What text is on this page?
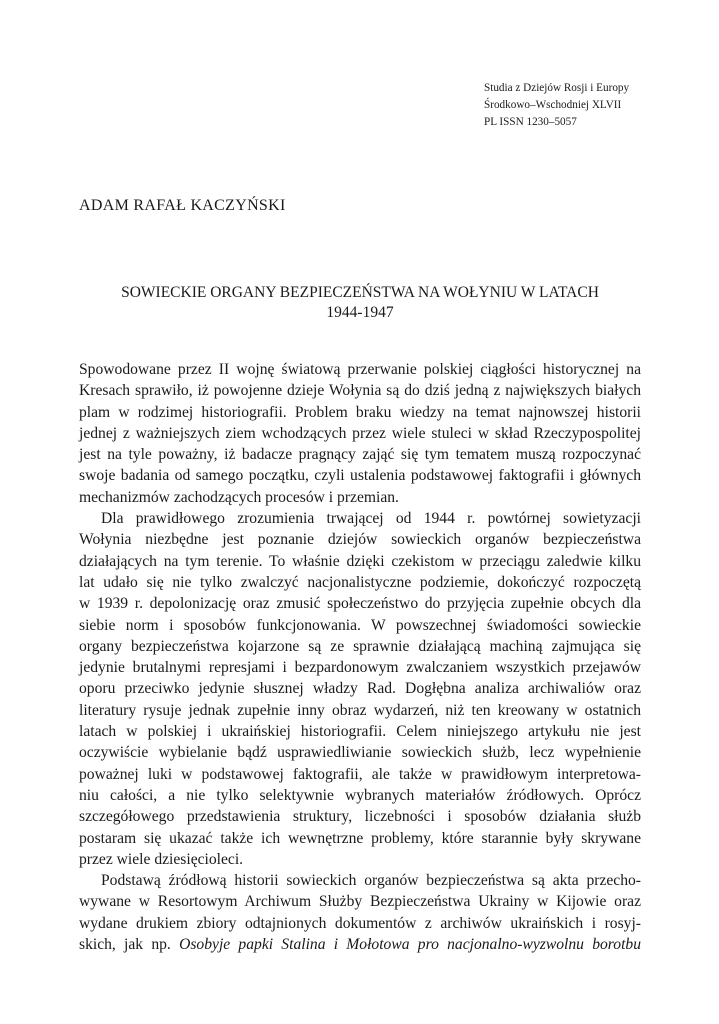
Studia z Dziejów Rosji i Europy
Środkowo–Wschodniej XLVII
PL ISSN 1230–5057
ADAM RAFAŁ KACZYŃSKI
SOWIECKIE ORGANY BEZPIECZEŃSTWA NA WOŁYNIU W LATACH
1944‑1947

Spowodowane przez II wojnę światową przerwanie polskiej ciągłości historycznej na
Kresach sprawiło, iż powojenne dzieje Wołynia są do dziś jedną z największych białych
plam w rodzimej historiografii. Problem braku wiedzy na temat najnowszej historii
jednej z ważniejszych ziem wchodzących przez wiele stuleci w skład Rzeczypospolitej
jest na tyle poważny, iż badacze pragnący zająć się tym tematem muszą rozpoczynać
swoje badania od samego początku, czyli ustalenia podstawowej faktografii i głównych
mechanizmów zachodzących procesów i przemian.

Dla prawidłowego zrozumienia trwającej od 1944 r. powtórnej sowietyzacji
Wołynia niezbędne jest poznanie dziejów sowieckich organów bezpieczeństwa
działających na tym terenie. To właśnie dzięki czekistom w przeciągu zaledwie kilku
lat udało się nie tylko zwalczyć nacjonalistyczne podziemie, dokończyć rozpoczętą
w 1939 r. depolonizację oraz zmusić społeczeństwo do przyjęcia zupełnie obcych dla
siebie norm i sposobów funkcjonowania. W powszechnej świadomości sowieckie
organy bezpieczeństwa kojarzone są ze sprawnie działającą machiną zajmująca się
jedynie brutalnymi represjami i bezpardonowym zwalczaniem wszystkich przejawów
oporu przeciwko jedynie słusznej władzy Rad. Dogłębna analiza archiwaliów oraz
literatury rysuje jednak zupełnie inny obraz wydarzeń, niż ten kreowany w ostatnich
latach w polskiej i ukraińskiej historiografii. Celem niniejszego artykułu nie jest
oczywiście wybielanie bądź usprawiedliwianie sowieckich służb, lecz wypełnienie
poważnej luki w podstawowej faktografii, ale także w prawidłowym interpretowa-
niu całości, a nie tylko selektywnie wybranych materiałów źródłowych. Oprócz
szczegółowego przedstawienia struktury, liczebności i sposobów działania służb
postaram się ukazać także ich wewnętrzne problemy, które starannie były skrywane
przez wiele dziesięcioleci.

Podstawą źródłową historii sowieckich organów bezpieczeństwa są akta przecho-
wywane w Resortowym Archiwum Służby Bezpieczeństwa Ukrainy w Kijowie oraz
wydane drukiem zbiory odtajnionych dokumentów z archiwów ukraińskich i rosyj-
skich, jak np. Osobyje papki Stalina i Mołotowa pro nacjonalno-wyzwolnu borotbu
